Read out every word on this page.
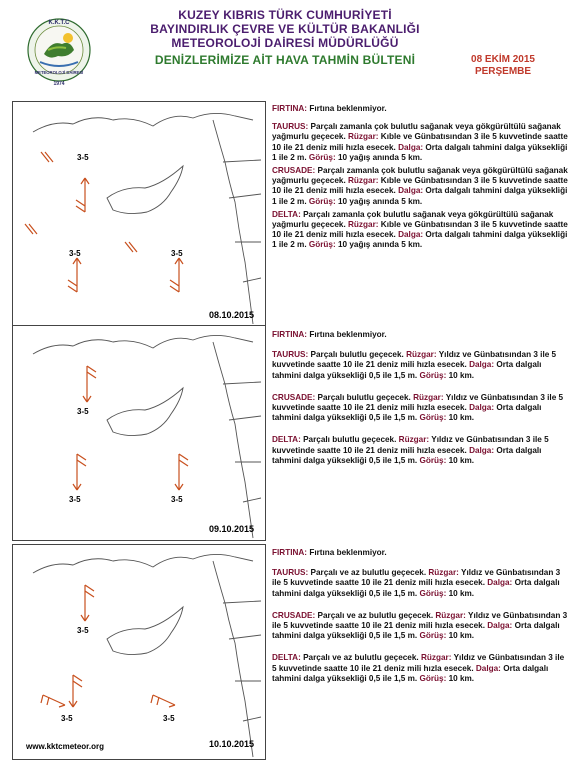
K.K.T.C
METEOROLOJİ DAİRESİ
1974
KUZEY KIBRIS TÜRK CUMHURİYETİ
BAYINDIRLIK ÇEVRE VE KÜLTÜR BAKANLIĞI
METEOROLOJİ DAİRESİ MÜDÜRLÜĞÜ
DENİZLERİMİZE AİT HAVA TAHMİN BÜLTENİ	08 EKİM 2015
PERŞEMBE
3-5
3-5	3-5
08.10.2015

FIRTINA: Fırtına beklenmiyor.

TAURUS: Parçalı zamanla çok bulutlu sağanak veya gökgürültülü sağanak yağmurlu geçecek. Rüzgar: Kıble ve Günbatısından 3 ile 5 kuvvetinde saatte 10 ile 21 deniz mili hızla esecek. Dalga: Orta dalgalı tahmini dalga yüksekliği 1 ile 2 m. Görüş: 10 yağış anında 5 km.

CRUSADE: Parçalı zamanla çok bulutlu sağanak veya gökgürültülü sağanak yağmurlu geçecek. Rüzgar: Kıble ve Günbatısından 3 ile 5 kuvvetinde saatte 10 ile 21 deniz mili hızla esecek. Dalga: Orta dalgalı tahmini dalga yüksekliği 1 ile 2 m. Görüş: 10 yağış anında 5 km.

DELTA: Parçalı zamanla çok bulutlu sağanak veya gökgürültülü sağanak yağmurlu geçecek. Rüzgar: Kıble ve Günbatısından 3 ile 5 kuvvetinde saatte 10 ile 21 deniz mili hızla esecek. Dalga: Orta dalgalı tahmini dalga yüksekliği 1 ile 2 m. Görüş: 10 yağış anında 5 km.

3-5
3-5	3-5
09.10.2015

FIRTINA: Fırtına beklenmiyor.

TAURUS: Parçalı bulutlu geçecek. Rüzgar: Yıldız ve Günbatısından 3 ile 5 kuvvetinde saatte 10 ile 21 deniz mili hızla esecek. Dalga: Orta dalgalı tahmini dalga yüksekliği 0,5 ile 1,5 m. Görüş: 10 km.

CRUSADE: Parçalı bulutlu geçecek. Rüzgar: Yıldız ve Günbatısından 3 ile 5 kuvvetinde saatte 10 ile 21 deniz mili hızla esecek. Dalga: Orta dalgalı tahmini dalga yüksekliği 0,5 ile 1,5 m. Görüş: 10 km.

DELTA: Parçalı bulutlu geçecek. Rüzgar: Yıldız ve Günbatısından 3 ile 5 kuvvetinde saatte 10 ile 21 deniz mili hızla esecek. Dalga: Orta dalgalı tahmini dalga yüksekliği 0,5 ile 1,5 m. Görüş: 10 km.

3-5
3-5	3-5
10.10.2015

FIRTINA: Fırtına beklenmiyor.

TAURUS: Parçalı ve az bulutlu geçecek. Rüzgar: Yıldız ve Günbatısından 3 ile 5 kuvvetinde saatte 10 ile 21 deniz mili hızla esecek. Dalga: Orta dalgalı tahmini dalga yüksekliği 0,5 ile 1,5 m. Görüş: 10 km.

CRUSADE: Parçalı ve az bulutlu geçecek. Rüzgar: Yıldız ve Günbatısından 3 ile 5 kuvvetinde saatte 10 ile 21 deniz mili hızla esecek. Dalga: Orta dalgalı tahmini dalga yüksekliği 0,5 ile 1,5 m. Görüş: 10 km.

DELTA: Parçalı ve az bulutlu geçecek. Rüzgar: Yıldız ve Günbatısından 3 ile 5 kuvvetinde saatte 10 ile 21 deniz mili hızla esecek. Dalga: Orta dalgalı tahmini dalga yüksekliği 0,5 ile 1,5 m. Görüş: 10 km.

www.kktcmeteor.org
